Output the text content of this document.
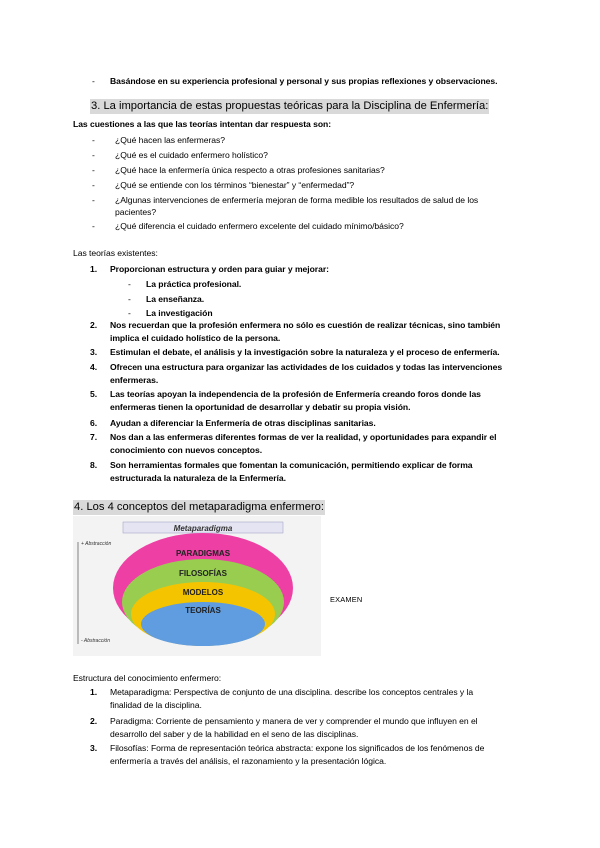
- Basándose en su experiencia profesional y personal y sus propias reflexiones y observaciones.
3. La importancia de estas propuestas teóricas para la Disciplina de Enfermería:
Las cuestiones a las que las teorías intentan dar respuesta son:
- ¿Qué hacen las enfermeras?
- ¿Qué es el cuidado enfermero holístico?
- ¿Qué hace la enfermería única respecto a otras profesiones sanitarias?
- ¿Qué se entiende con los términos “bienestar” y “enfermedad”?
- ¿Algunas intervenciones de enfermería mejoran de forma medible los resultados de salud de los
pacientes?
- ¿Qué diferencia el cuidado enfermero excelente del cuidado mínimo/básico?
Las teorías existentes:
1. Proporcionan estructura y orden para guiar y mejorar:
- La práctica profesional.
- La enseñanza.
- La investigación
2. Nos recuerdan que la profesión enfermera no sólo es cuestión de realizar técnicas, sino también
implica el cuidado holístico de la persona.
3. Estimulan el debate, el análisis y la investigación sobre la naturaleza y el proceso de enfermería.
4. Ofrecen una estructura para organizar las actividades de los cuidados y todas las intervenciones
enfermeras.
5. Las teorías apoyan la independencia de la profesión de Enfermería creando foros donde las
enfermeras tienen la oportunidad de desarrollar y debatir su propia visión.
6. Ayudan a diferenciar la Enfermería de otras disciplinas sanitarias.
7. Nos dan a las enfermeras diferentes formas de ver la realidad, y oportunidades para expandir el
conocimiento con nuevos conceptos.
8. Son herramientas formales que fomentan la comunicación, permitiendo explicar de forma
estructurada la naturaleza de la Enfermería.
4. Los 4 conceptos del metaparadigma enfermero:
+ Abstracción
- Abstracción
Metaparadigma
PARADIGMAS
FILOSOFÍAS
MODELOS
TEORÍAS
EXAMEN
Estructura del conocimiento enfermero:
1. Metaparadigma: Perspectiva de conjunto de una disciplina. describe los conceptos centrales y la
finalidad de la disciplina.
2. Paradigma: Corriente de pensamiento y manera de ver y comprender el mundo que influyen en el
desarrollo del saber y de la habilidad en el seno de las disciplinas.
3. Filosofías: Forma de representación teórica abstracta: expone los significados de los fenómenos de
enfermería a través del análisis, el razonamiento y la presentación lógica.
